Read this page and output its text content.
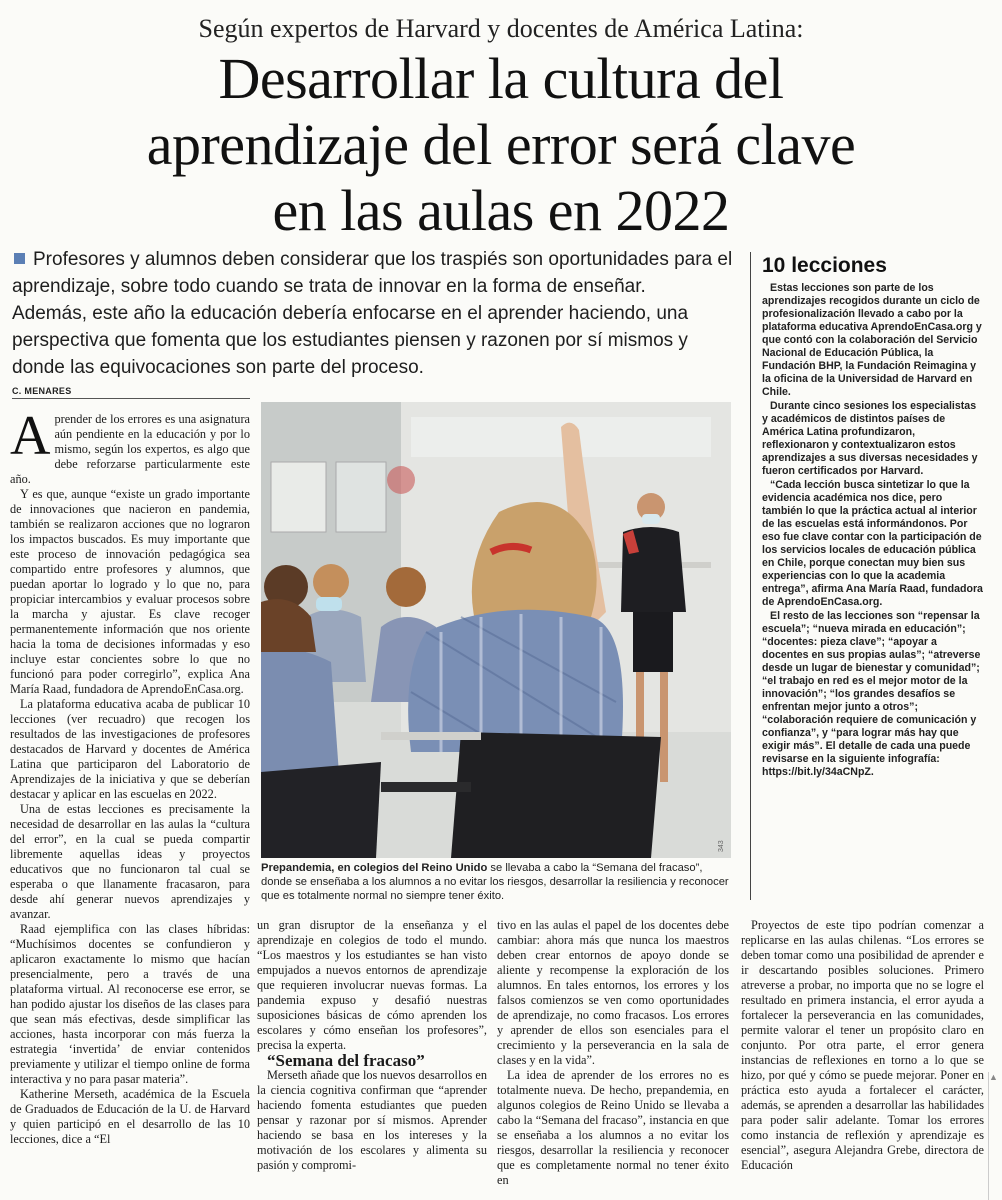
Según expertos de Harvard y docentes de América Latina:
Desarrollar la cultura del
aprendizaje del error será clave
en las aulas en 2022
Profesores y alumnos deben considerar que los traspiés son oportunidades para el
aprendizaje, sobre todo cuando se trata de innovar en la forma de enseñar.
Además, este año la educación debería enfocarse en el aprender haciendo, una
perspectiva que fomenta que los estudiantes piensen y razonen por sí mismos y
donde las equivocaciones son parte del proceso.
C. MENARES

Aprender de los errores es una asignatura aún pendiente en la educación y por lo mismo, según los expertos, es algo que debe reforzarse particularmente este año.

Y es que, aunque “existe un grado importante de innovaciones que nacieron en pandemia, también se realizaron acciones que no lograron los impactos buscados. Es muy importante que este proceso de innovación pedagógica sea compartido entre profesores y alumnos, que puedan aportar lo logrado y lo que no, para propiciar intercambios y evaluar procesos sobre la marcha y ajustar. Es clave recoger permanentemente información que nos oriente hacia la toma de decisiones informadas y eso incluye estar concientes sobre lo que no funcionó para poder corregirlo”, explica Ana María Raad, fundadora de AprendoEnCasa.org.

La plataforma educativa acaba de publicar 10 lecciones (ver recuadro) que recogen los resultados de las investigaciones de profesores destacados de Harvard y docentes de América Latina que participaron del Laboratorio de Aprendizajes de la iniciativa y que se deberían destacar y aplicar en las escuelas en 2022.

Una de estas lecciones es precisamente la necesidad de desarrollar en las aulas la “cultura del error”, en la cual se pueda compartir libremente aquellas ideas y proyectos educativos que no funcionaron tal cual se esperaba o que llanamente fracasaron, para desde ahí generar nuevos aprendizajes y avanzar.

Raad ejemplifica con las clases híbridas: “Muchísimos docentes se confundieron y aplicaron exactamente lo mismo que hacían presencialmente, pero a través de una plataforma virtual. Al reconocerse ese error, se han podido ajustar los diseños de las clases para que sean más efectivas, desde simplificar las acciones, hasta incorporar con más fuerza la estrategia ‘invertida’ de enviar contenidos previamente y utilizar el tiempo online de forma interactiva y no para pasar materia”.

Katherine Merseth, académica de la Escuela de Graduados de Educación de la U. de Harvard y quien participó en el desarrollo de las 10 lecciones, dice a “El

343
Prepandemia, en colegios del Reino Unido se llevaba a cabo la “Semana del fracaso”, donde se enseñaba a los alumnos a no evitar los riesgos, desarrollar la resiliencia y reconocer que es totalmente normal no siempre tener éxito.

un gran disruptor de la enseñanza y el aprendizaje en colegios de todo el mundo. “Los maestros y los estudiantes se han visto empujados a nuevos entornos de aprendizaje que requieren involucrar nuevas formas. La pandemia expuso y desafió nuestras suposiciones básicas de cómo aprenden los escolares y cómo enseñan los profesores”, precisa la experta.

“Semana del fracaso”

Merseth añade que los nuevos desarrollos en la ciencia cognitiva confirman que “aprender haciendo fomenta estudiantes que pueden pensar y razonar por sí mismos. Aprender haciendo se basa en los intereses y la motivación de los escolares y alimenta su pasión y compromi-

tivo en las aulas el papel de los docentes debe cambiar: ahora más que nunca los maestros deben crear entornos de apoyo donde se aliente y recompense la exploración de los alumnos. En tales entornos, los errores y los falsos comienzos se ven como oportunidades de aprendizaje, no como fracasos. Los errores y aprender de ellos son esenciales para el crecimiento y la perseverancia en la sala de clases y en la vida”.

La idea de aprender de los errores no es totalmente nueva. De hecho, prepandemia, en algunos colegios de Reino Unido se llevaba a cabo la “Semana del fracaso”, instancia en que se enseñaba a los alumnos a no evitar los riesgos, desarrollar la resiliencia y reconocer que es completamente normal no tener éxito en

Proyectos de este tipo podrían comenzar a replicarse en las aulas chilenas. “Los errores se deben tomar como una posibilidad de aprender e ir descartando posibles soluciones. Primero atreverse a probar, no importa que no se logre el resultado en primera instancia, el error ayuda a fortalecer la perseverancia en las comunidades, permite valorar el tener un propósito claro en conjunto. Por otra parte, el error genera instancias de reflexiones en torno a lo que se hizo, por qué y cómo se puede mejorar. Poner en práctica esto ayuda a fortalecer el carácter, además, se aprenden a desarrollar las habilidades para poder salir adelante. Tomar los errores como instancia de reflexión y aprendizaje es esencial”, asegura Alejandra Grebe, directora de Educación

10 lecciones

Estas lecciones son parte de los aprendizajes recogidos durante un ciclo de profesionalización llevado a cabo por la plataforma educativa AprendoEnCasa.org y que contó con la colaboración del Servicio Nacional de Educación Pública, la Fundación BHP, la Fundación Reimagina y la oficina de la Universidad de Harvard en Chile.

Durante cinco sesiones los especialistas y académicos de distintos países de América Latina profundizaron, reflexionaron y contextualizaron estos aprendizajes a sus diversas necesidades y fueron certificados por Harvard.

“Cada lección busca sintetizar lo que la evidencia académica nos dice, pero también lo que la práctica actual al interior de las escuelas está informándonos. Por eso fue clave contar con la participación de los servicios locales de educación pública en Chile, porque conectan muy bien sus experiencias con lo que la academia entrega”, afirma Ana María Raad, fundadora de AprendoEnCasa.org.

El resto de las lecciones son “repensar la escuela”; “nueva mirada en educación”; “docentes: pieza clave”; “apoyar a docentes en sus propias aulas”; “atreverse desde un lugar de bienestar y comunidad”; “el trabajo en red es el mejor motor de la innovación”; “los grandes desafíos se enfrentan mejor junto a otros”; “colaboración requiere de comunicación y confianza”, y “para lograr más hay que exigir más”. El detalle de cada una puede revisarse en la siguiente infografía: https://bit.ly/34aCNpZ.

▲
